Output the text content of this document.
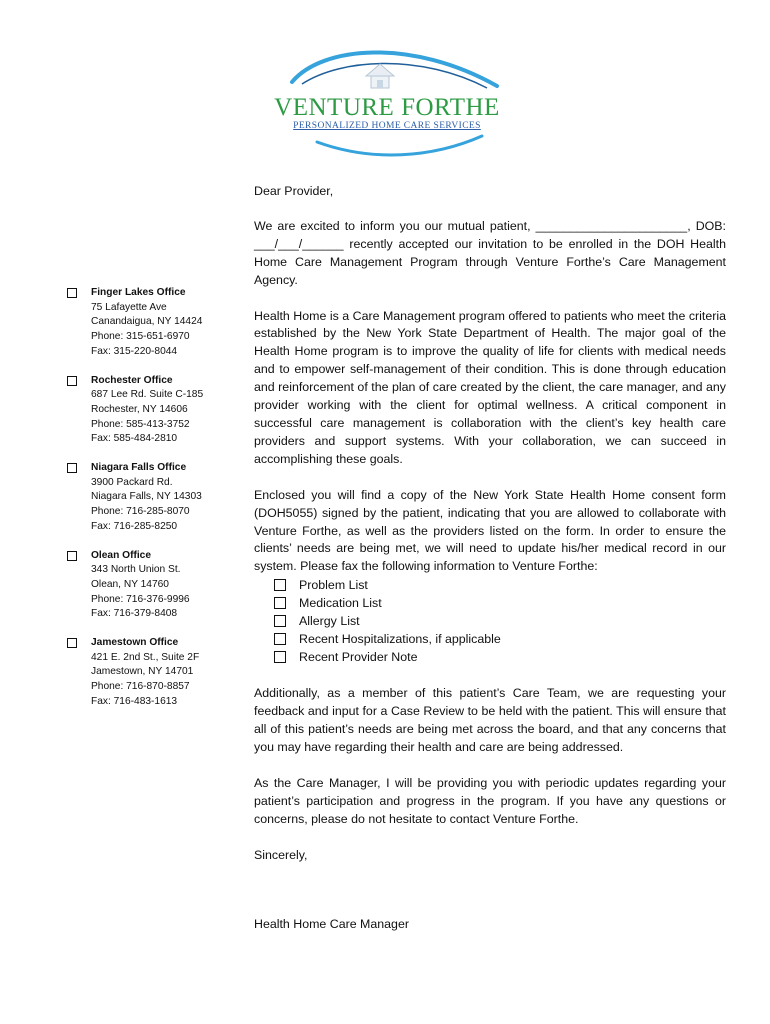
VENTURE FORTHE
PERSONALIZED HOME CARE SERVICES
Finger Lakes Office
75 Lafayette Ave
Canandaigua, NY 14424
Phone: 315-651-6970
Fax: 315-220-8044
Rochester Office
687 Lee Rd. Suite C-185
Rochester, NY 14606
Phone: 585-413-3752
Fax: 585-484-2810
Niagara Falls Office
3900 Packard Rd.
Niagara Falls, NY 14303
Phone: 716-285-8070
Fax: 716-285-8250
Olean Office
343 North Union St.
Olean, NY 14760
Phone: 716-376-9996
Fax: 716-379-8408
Jamestown Office
421 E. 2nd St., Suite 2F
Jamestown, NY 14701
Phone: 716-870-8857
Fax: 716-483-1613

Dear Provider,

We are excited to inform you our mutual patient, ______________________, DOB: ___/___/______ recently accepted our invitation to be enrolled in the DOH Health Home Care Management Program through Venture Forthe’s Care Management Agency.

Health Home is a Care Management program offered to patients who meet the criteria established by the New York State Department of Health. The major goal of the Health Home program is to improve the quality of life for clients with medical needs and to empower self-management of their condition. This is done through education and reinforcement of the plan of care created by the client, the care manager, and any provider working with the client for optimal wellness. A critical component in successful care management is collaboration with the client’s key health care providers and support systems. With your collaboration, we can succeed in accomplishing these goals.

Enclosed you will find a copy of the New York State Health Home consent form (DOH5055) signed by the patient, indicating that you are allowed to collaborate with Venture Forthe, as well as the providers listed on the form. In order to ensure the clients’ needs are being met, we will need to update his/her medical record in our system. Please fax the following information to Venture Forthe:

Problem List
Medication List
Allergy List
Recent Hospitalizations, if applicable
Recent Provider Note

Additionally, as a member of this patient’s Care Team, we are requesting your feedback and input for a Case Review to be held with the patient. This will ensure that all of this patient’s needs are being met across the board, and that any concerns that you may have regarding their health and care are being addressed.

As the Care Manager, I will be providing you with periodic updates regarding your patient’s participation and progress in the program. If you have any questions or concerns, please do not hesitate to contact Venture Forthe.

Sincerely,

Health Home Care Manager
